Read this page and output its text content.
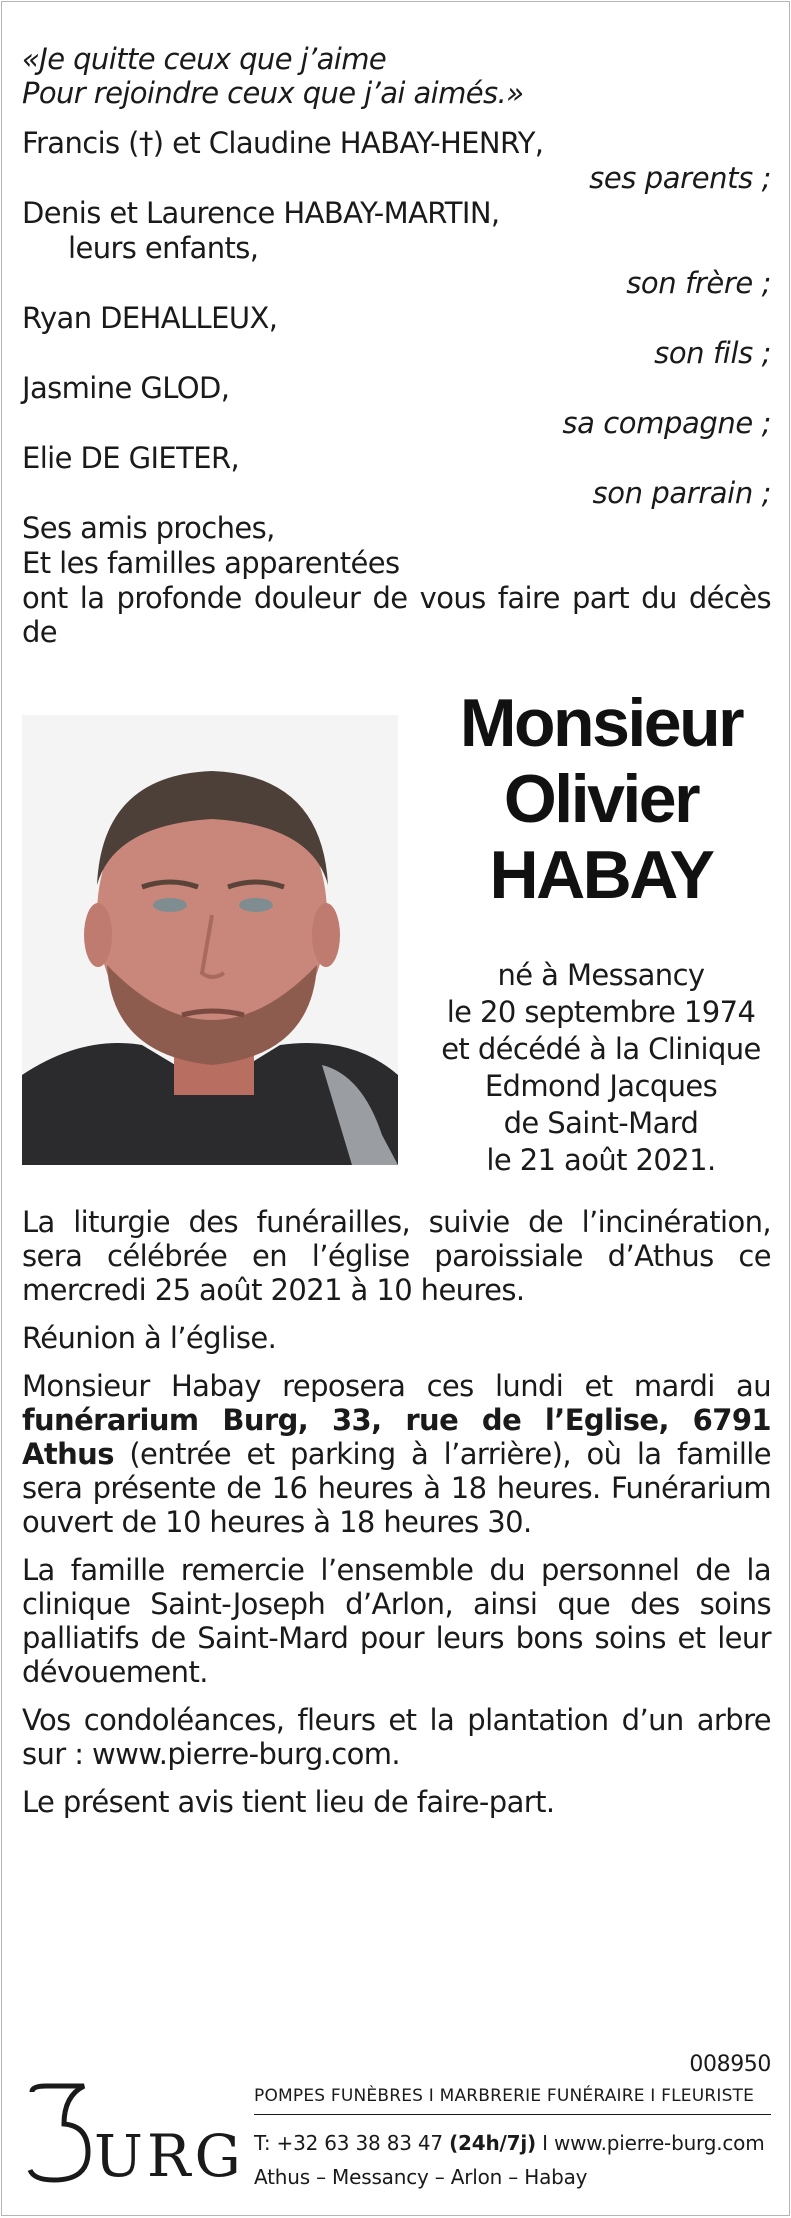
«Je quitte ceux que j’aime
Pour rejoindre ceux que j’ai aimés.»
Francis (†) et Claudine HABAY-HENRY,
ses parents ;
Denis et Laurence HABAY-MARTIN,
leurs enfants,
son frère ;
Ryan DEHALLEUX,
son fils ;
Jasmine GLOD,
sa compagne ;
Elie DE GIETER,
son parrain ;
Ses amis proches,
Et les familles apparentées
ont la profonde douleur de vous faire part du décès de
Monsieur
Olivier
HABAY
né à Messancy
le 20 septembre 1974
et décédé à la Clinique
Edmond Jacques
de Saint-Mard
le 21 août 2021.
La liturgie des funérailles, suivie de l’incinération, sera célébrée en l’église paroissiale d’Athus ce mercredi 25 août 2021 à 10 heures.
Réunion à l’église.
Monsieur Habay reposera ces lundi et mardi au funérarium Burg, 33, rue de l’Eglise, 6791 Athus (entrée et parking à l’arrière), où la famille sera présente de 16 heures à 18 heures. Funérarium ouvert de 10 heures à 18 heures 30.
La famille remercie l’ensemble du personnel de la clinique Saint-Joseph d’Arlon, ainsi que des soins palliatifs de Saint-Mard pour leurs bons soins et leur dévouement.
Vos condoléances, fleurs et la plantation d’un arbre sur : www.pierre-burg.com.
Le présent avis tient lieu de faire-part.
008950
URG
POMPES FUNÈBRES I MARBRERIE FUNÉRAIRE I FLEURISTE
T: +32 63 38 83 47 (24h/7j) I www.pierre-burg.com
Athus – Messancy – Arlon – Habay
